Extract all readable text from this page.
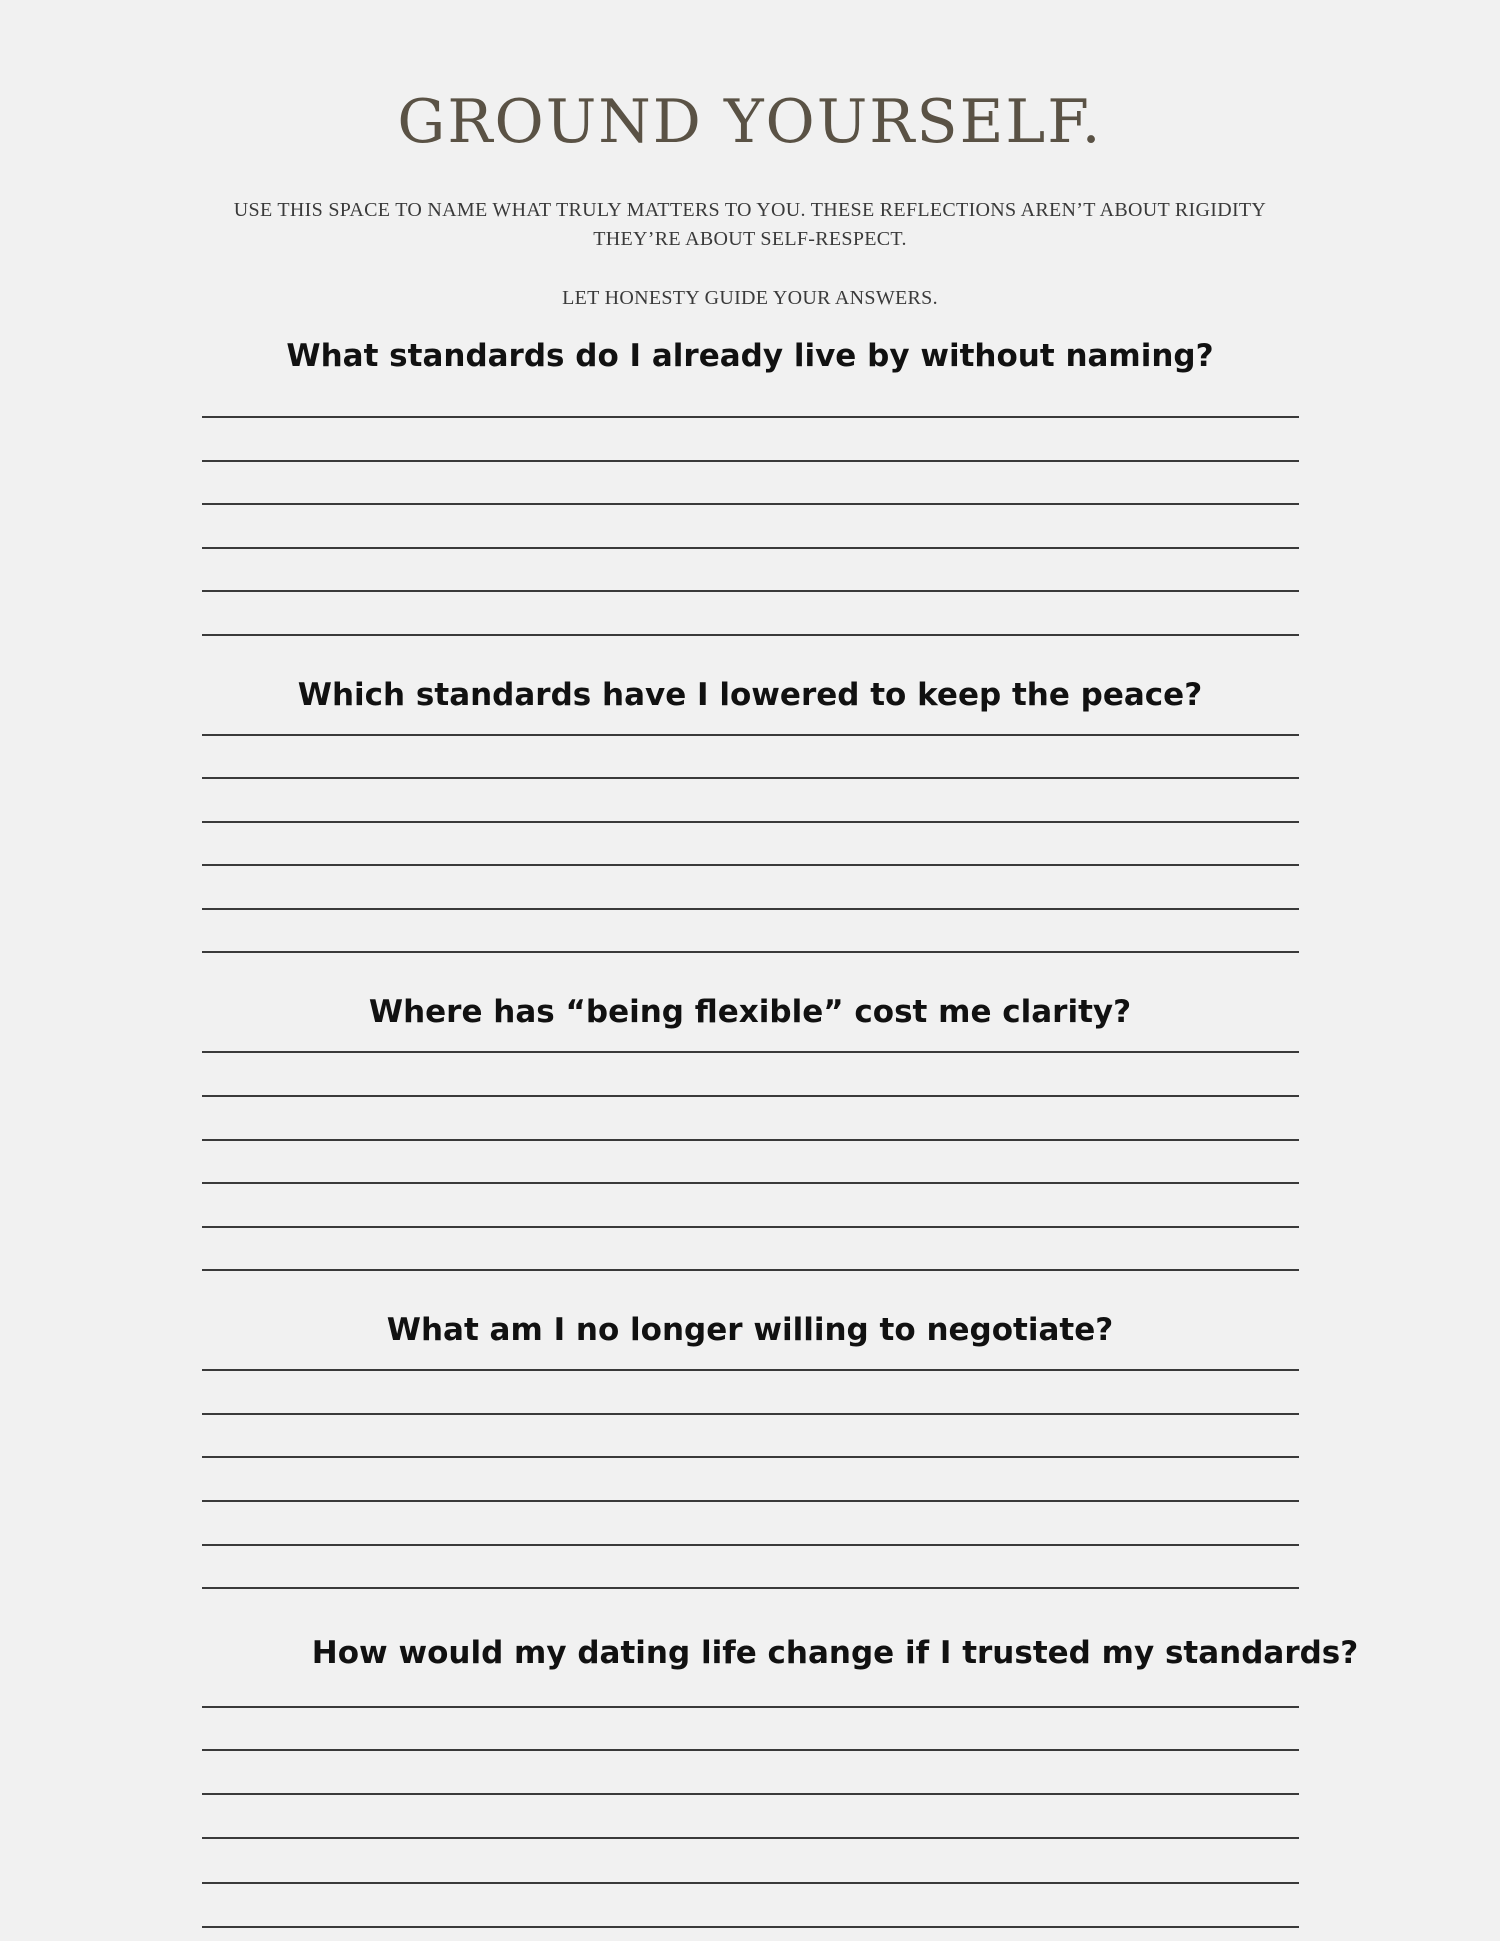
GROUND YOURSELF.

USE THIS SPACE TO NAME WHAT TRULY MATTERS TO YOU. THESE REFLECTIONS AREN’T ABOUT RIGIDITY

THEY’RE ABOUT SELF-RESPECT.

LET HONESTY GUIDE YOUR ANSWERS.

What standards do I already live by without naming?
Which standards have I lowered to keep the peace?
Where has “being flexible” cost me clarity?
What am I no longer willing to negotiate?
How would my dating life change if I trusted my standards?
